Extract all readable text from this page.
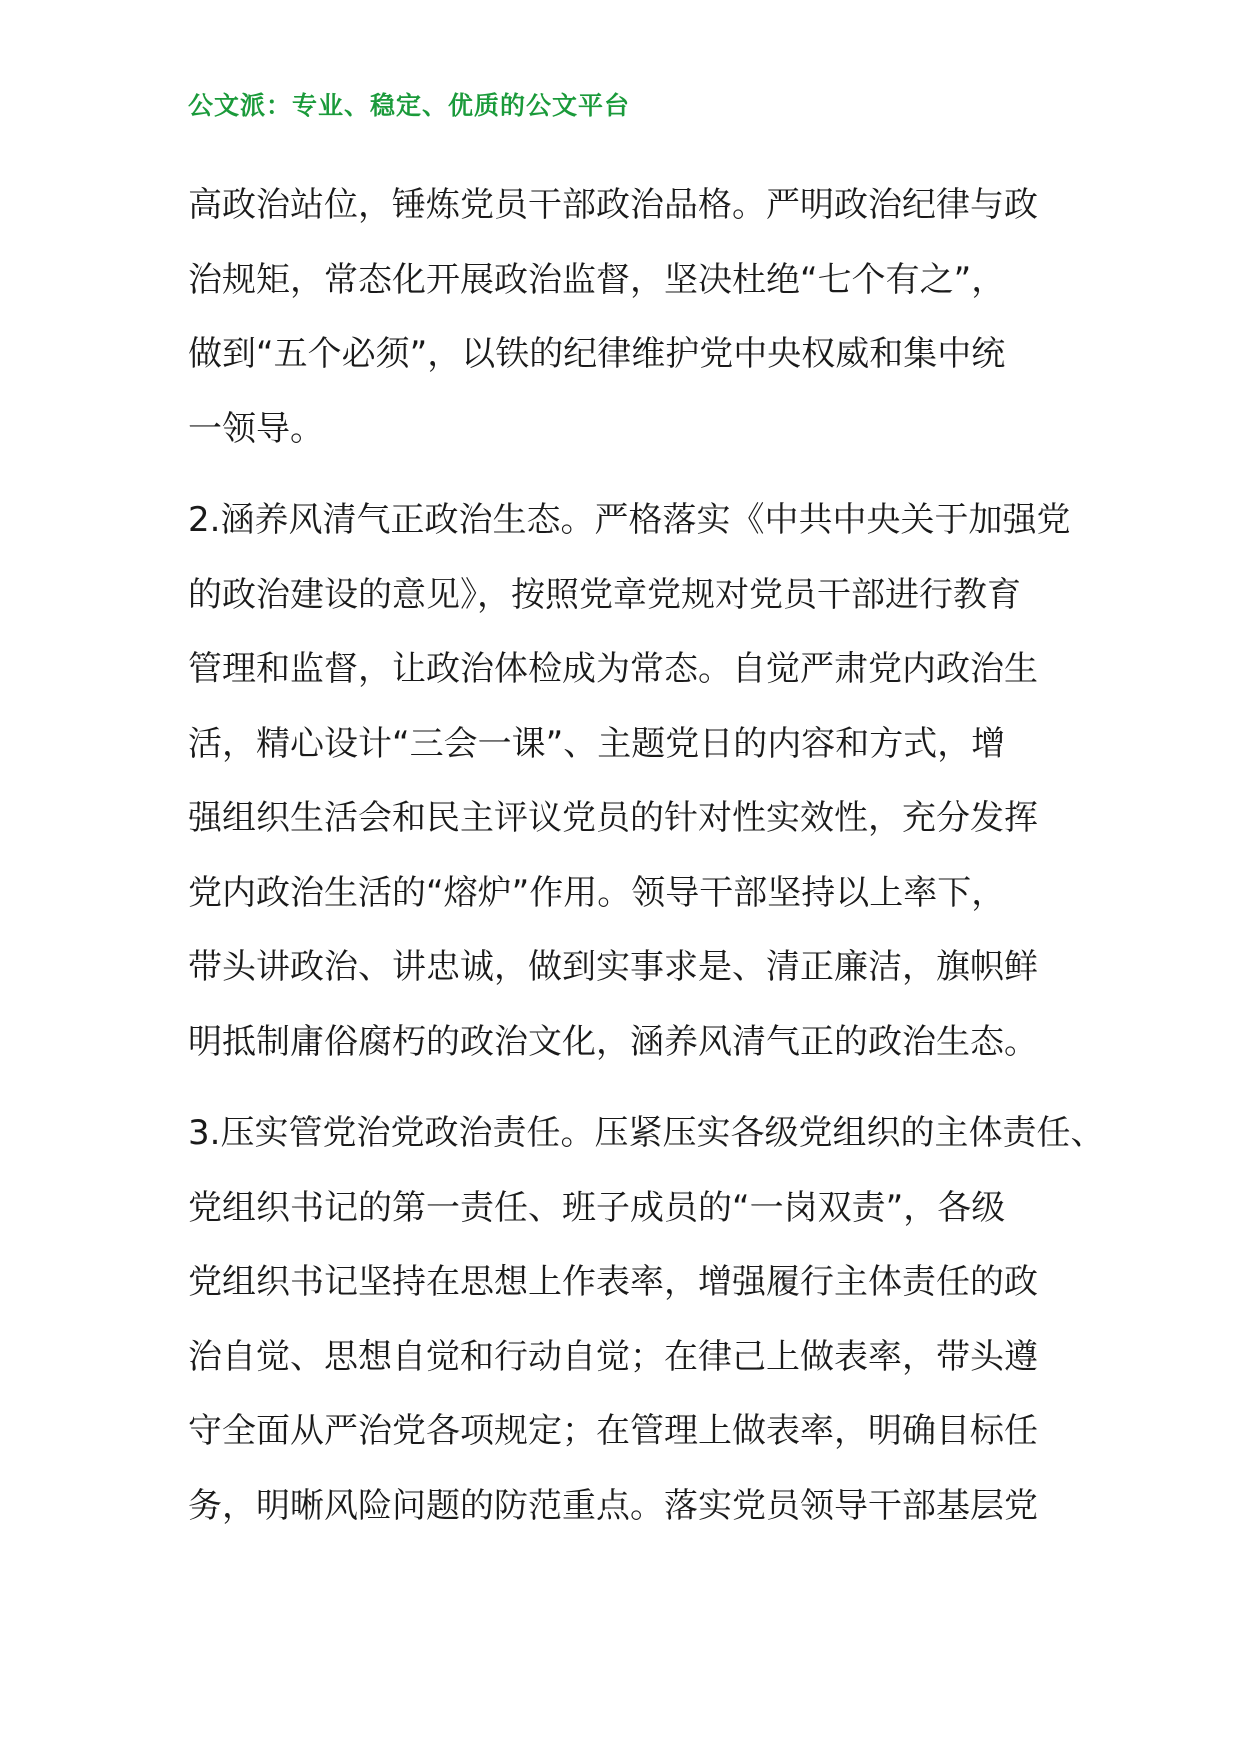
公文派：专业、稳定、优质的公文平台
高政治站位，锤炼党员干部政治品格。严明政治纪律与政
治规矩，常态化开展政治监督，坚决杜绝“七个有之”，
做到“五个必须”，以铁的纪律维护党中央权威和集中统
一领导。
2.涵养风清气正政治生态。严格落实《中共中央关于加强党
的政治建设的意见》，按照党章党规对党员干部进行教育
管理和监督，让政治体检成为常态。自觉严肃党内政治生
活，精心设计“三会一课”、主题党日的内容和方式，增
强组织生活会和民主评议党员的针对性实效性，充分发挥
党内政治生活的“熔炉”作用。领导干部坚持以上率下，
带头讲政治、讲忠诚，做到实事求是、清正廉洁，旗帜鲜
明抵制庸俗腐朽的政治文化，涵养风清气正的政治生态。
3.压实管党治党政治责任。压紧压实各级党组织的主体责任、
党组织书记的第一责任、班子成员的“一岗双责”，各级
党组织书记坚持在思想上作表率，增强履行主体责任的政
治自觉、思想自觉和行动自觉；在律己上做表率，带头遵
守全面从严治党各项规定；在管理上做表率，明确目标任
务，明晰风险问题的防范重点。落实党员领导干部基层党
